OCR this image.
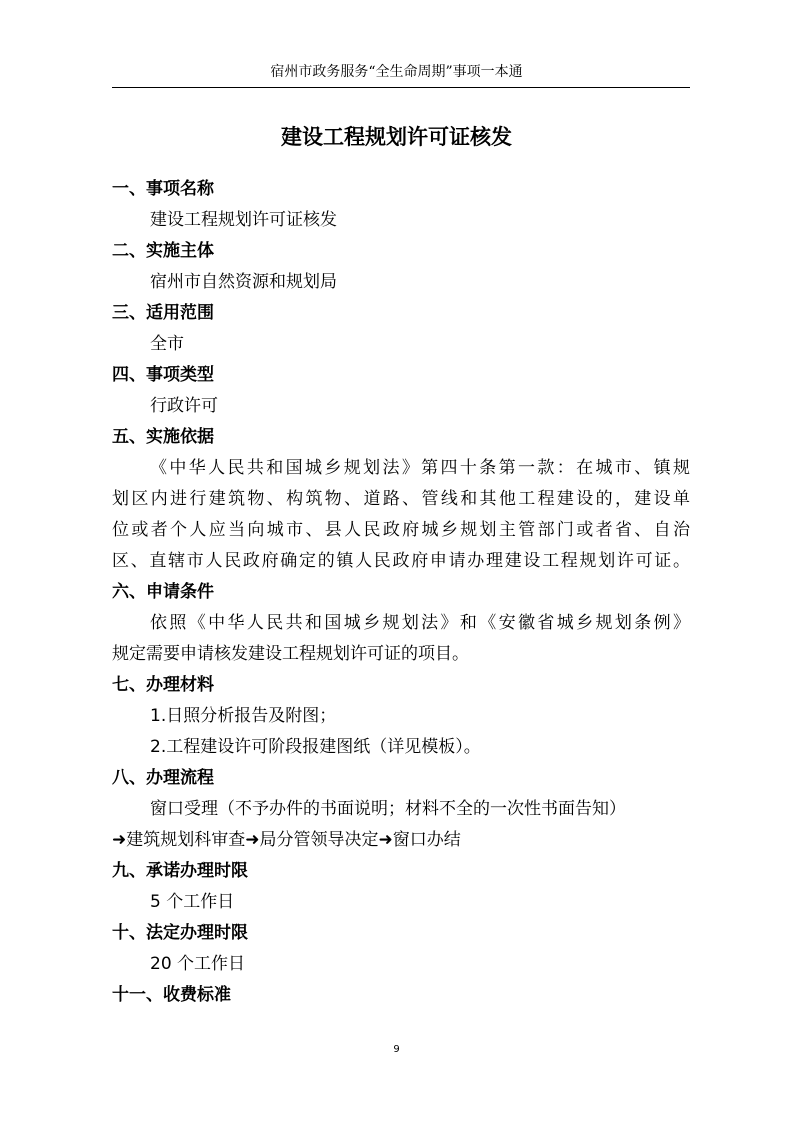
宿州市政务服务“全生命周期”事项一本通
建设工程规划许可证核发
一、事项名称
建设工程规划许可证核发
二、实施主体
宿州市自然资源和规划局
三、适用范围
全市
四、事项类型
行政许可
五、实施依据
《中华人民共和国城乡规划法》第四十条第一款：在城市、镇规
划区内进行建筑物、构筑物、道路、管线和其他工程建设的，建设单
位或者个人应当向城市、县人民政府城乡规划主管部门或者省、自治
区、直辖市人民政府确定的镇人民政府申请办理建设工程规划许可证。
六、申请条件
依照《中华人民共和国城乡规划法》和《安徽省城乡规划条例》
规定需要申请核发建设工程规划许可证的项目。
七、办理材料
1.日照分析报告及附图；
2.工程建设许可阶段报建图纸（详见模板）。
八、办理流程
窗口受理（不予办件的书面说明；材料不全的一次性书面告知）
➜建筑规划科审查➜局分管领导决定➜窗口办结
九、承诺办理时限
5 个工作日
十、法定办理时限
20 个工作日
十一、收费标准
9
